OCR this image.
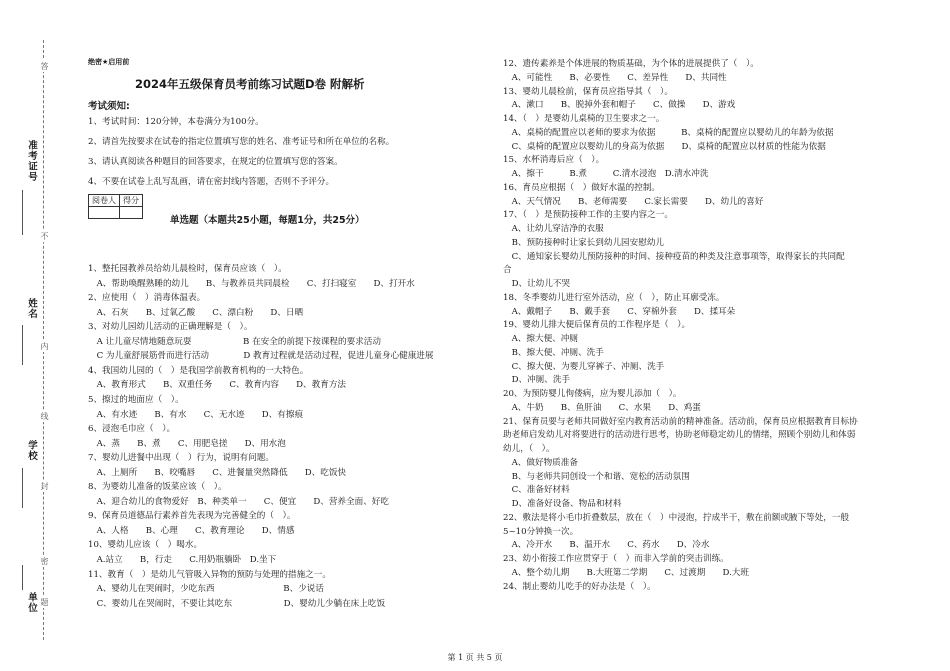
答
不
内
线
封
密
题
准考证号
姓名
学校
单位
绝密★启用前
2024年五级保育员考前练习试题D卷 附解析
考试须知:
1、考试时间：120分钟，本卷满分为100分。
2、请首先按要求在试卷的指定位置填写您的姓名、准考证号和所在单位的名称。
3、请认真阅读各种题目的回答要求，在规定的位置填写您的答案。
4、不要在试卷上乱写乱画，请在密封线内答题，否则不予评分。
阅卷人	得分

单选题（本题共25小题，每题1分，共25分）
1、整托园教养员给幼儿晨检时，保育员应该（　）。
　A、帮助唤醒熟睡的幼儿　　B、与教养员共同晨检　　C、打扫寝室　　D、打开水
2、应使用（　）消毒体温表。
　A、石灰　　B、过氧乙酸　　C、漂白粉　　D、日晒
3、对幼儿园幼儿活动的正确理解是（　）。
　A 让儿童尽情地随意玩耍　　　　　　B 在安全的前提下按课程的要求活动
　C 为儿童舒展筋骨而进行活动　　　　D 教育过程就是活动过程，促进儿童身心健康进展
4、我国幼儿园的（　）是我国学前教育机构的一大特色。
　A、教育形式　　B、双重任务　　C、教育内容　　D、教育方法
5、擦过的地面应（　）。
　A、有水迹　　B、有水　　C、无水迹　　D、有擦痕
6、浸泡毛巾应（　）。
　A、蒸　　B、煮　　C、用肥皂搓　　D、用水泡
7、婴幼儿进餐中出现（　）行为，说明有问题。
　A、上厕所　　B、咬嘴唇　　C、进餐量突然降低　　D、吃饭快
8、为婴幼儿准备的饭菜应该（　）。
　A、迎合幼儿的食物爱好　B、种类单一　　C、便宜　　D、营养全面、好吃
9、保育员道德品行素养首先表现为完善健全的（　）。
　A、人格　　B、心理　　C、教育理论　　D、情感
10、婴幼儿应该（　）喝水。
　A.站立　　B，行走　　C.用奶瓶躺卧　D.坐下
11、教育（　）是幼儿气管吸入异物的预防与处理的措施之一。
　A、婴幼儿在哭闹时，少吃东西　　　　　　　　B、少说话
　C、婴幼儿在哭闹时，不要让其吃东　　　　　　D、婴幼儿少躺在床上吃饭
12、遗传素养是个体进展的物质基础，为个体的进展提供了（　）。
　A、可能性　　B、必要性　　C、差异性　　D、共同性
13、婴幼儿晨检前，保育员应指导其（　）。
　A、漱口　　B、脱掉外套和帽子　　C、做操　　D、游戏
14、（　）是婴幼儿桌椅的卫生要求之一。
　A、桌椅的配置应以老师的要求为依据　　　B、桌椅的配置应以婴幼儿的年龄为依据
　C、桌椅的配置应以婴幼儿的身高为依据　　D、桌椅的配置应以材质的性能为依据
15、水杯消毒后应（　）。
　A、擦干　　　B.煮　　　C.清水浸泡　D.清水冲洗
16、育员应根据（　）做好水温的控制。
　A、天气情况　　B、老师需要　　C.家长需要　　D、幼儿的喜好
17、（　）是预防接种工作的主要内容之一。
　A、让幼儿穿洁净的衣服
　B、预防接种时让家长到幼儿园安慰幼儿
　C、通知家长婴幼儿预防接种的时间、接种疫苗的种类及注意事项等，取得家长的共同配
合
　D、让幼儿不哭
18、冬季婴幼儿进行室外活动，应（　），防止耳廓受冻。
　A、戴帽子　　B、戴手套　　C、穿棉外套　　D、揉耳朵
19、婴幼儿排大便后保育员的工作程序是（　）。
　A、擦大便、冲厕
　B、擦大便、冲厕、洗手
　C、擦大便、为婴儿穿裤子、冲厕、洗手
　D、冲厕、洗手
20、为预防婴儿佝偻病，应为婴儿添加（　）。
　A、牛奶　　B、鱼肝油　　C、水果　　D、鸡蛋
21、保育员要与老师共同做好室内教育活动前的精神准备。活动前，保育员应根据教育目标协
助老师启发幼儿对将要进行的活动进行思考，协助老师稳定幼儿的情绪，照顾个别幼儿和体弱
幼儿，（　）。
　A、做好物质准备
　B、与老师共同创设一个和谐、宽松的活动氛围
　C、准备好材料
　D、准备好设备、物品和材料
22、敷法是将小毛巾折叠数层，放在（　）中浸泡，拧成半干，敷在前额或腋下等处，一般
5~10分钟换一次。
　A、冷开水　　B、温开水　　C、药水　　D、冷水
23、幼小衔接工作应贯穿于（　）而非入学前的突击训练。
　A、整个幼儿期　　B.大班第二学期　　C、过渡期　　D.大班
24、制止婴幼儿吃手的好办法是（　）。
第 1 页 共 5 页
